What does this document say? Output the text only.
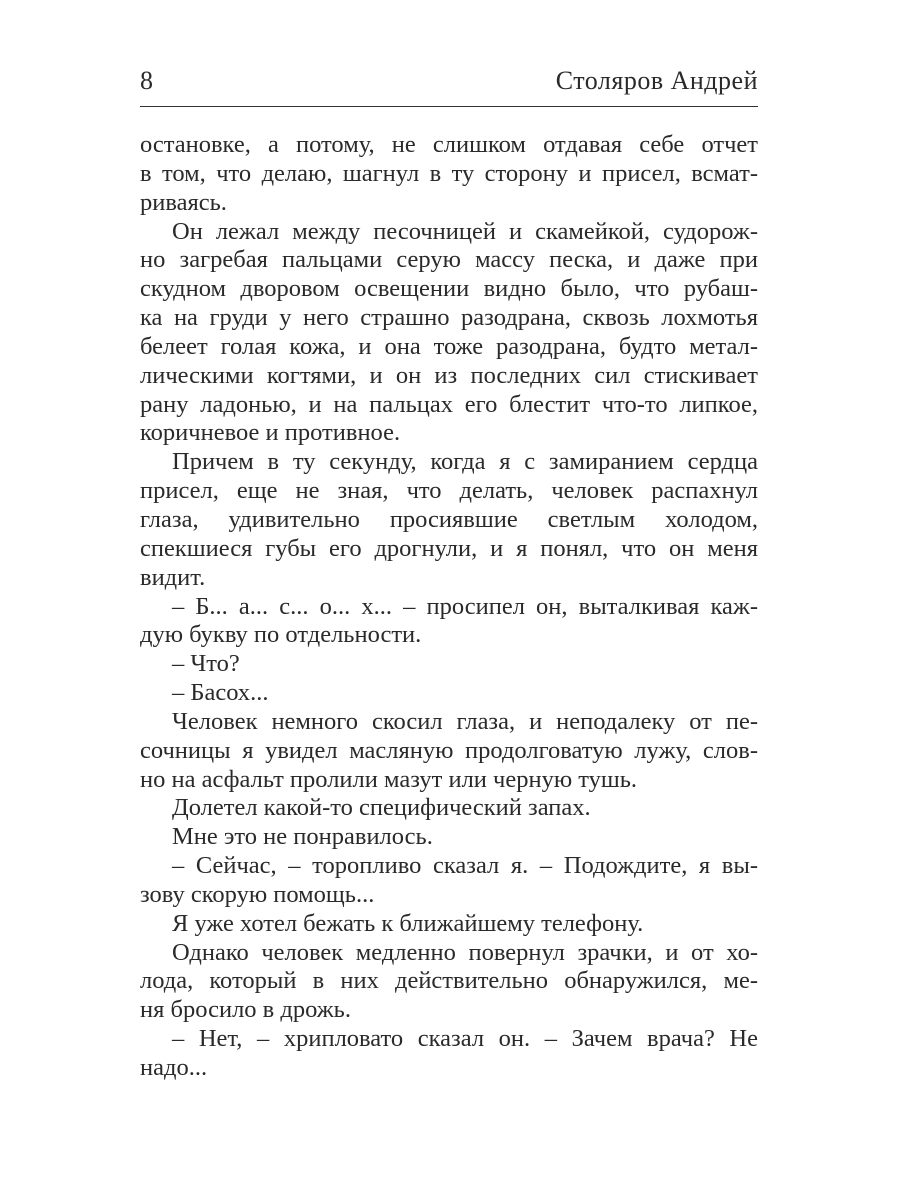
8	Столяров Андрей
остановке, а потому, не слишком отдавая себе отчет
в том, что делаю, шагнул в ту сторону и присел, всмат-
риваясь.
Он лежал между песочницей и скамейкой, судорож-
но загребая пальцами серую массу песка, и даже при
скудном дворовом освещении видно было, что рубаш-
ка на груди у него страшно разодрана, сквозь лохмотья
белеет голая кожа, и она тоже разодрана, будто метал-
лическими когтями, и он из последних сил стискивает
рану ладонью, и на пальцах его блестит что-то липкое,
коричневое и противное.
Причем в ту секунду, когда я с замиранием сердца
присел, еще не зная, что делать, человек распахнул
глаза, удивительно просиявшие светлым холодом,
спекшиеся губы его дрогнули, и я понял, что он меня
видит.
– Б... а... с... о... х... – просипел он, выталкивая каж-
дую букву по отдельности.
– Что?
– Басох...
Человек немного скосил глаза, и неподалеку от пе-
сочницы я увидел масляную продолговатую лужу, слов-
но на асфальт пролили мазут или черную тушь.
Долетел какой-то специфический запах.
Мне это не понравилось.
– Сейчас, – торопливо сказал я. – Подождите, я вы-
зову скорую помощь...
Я уже хотел бежать к ближайшему телефону.
Однако человек медленно повернул зрачки, и от хо-
лода, который в них действительно обнаружился, ме-
ня бросило в дрожь.
– Нет, – хрипловато сказал он. – Зачем врача? Не
надо...
